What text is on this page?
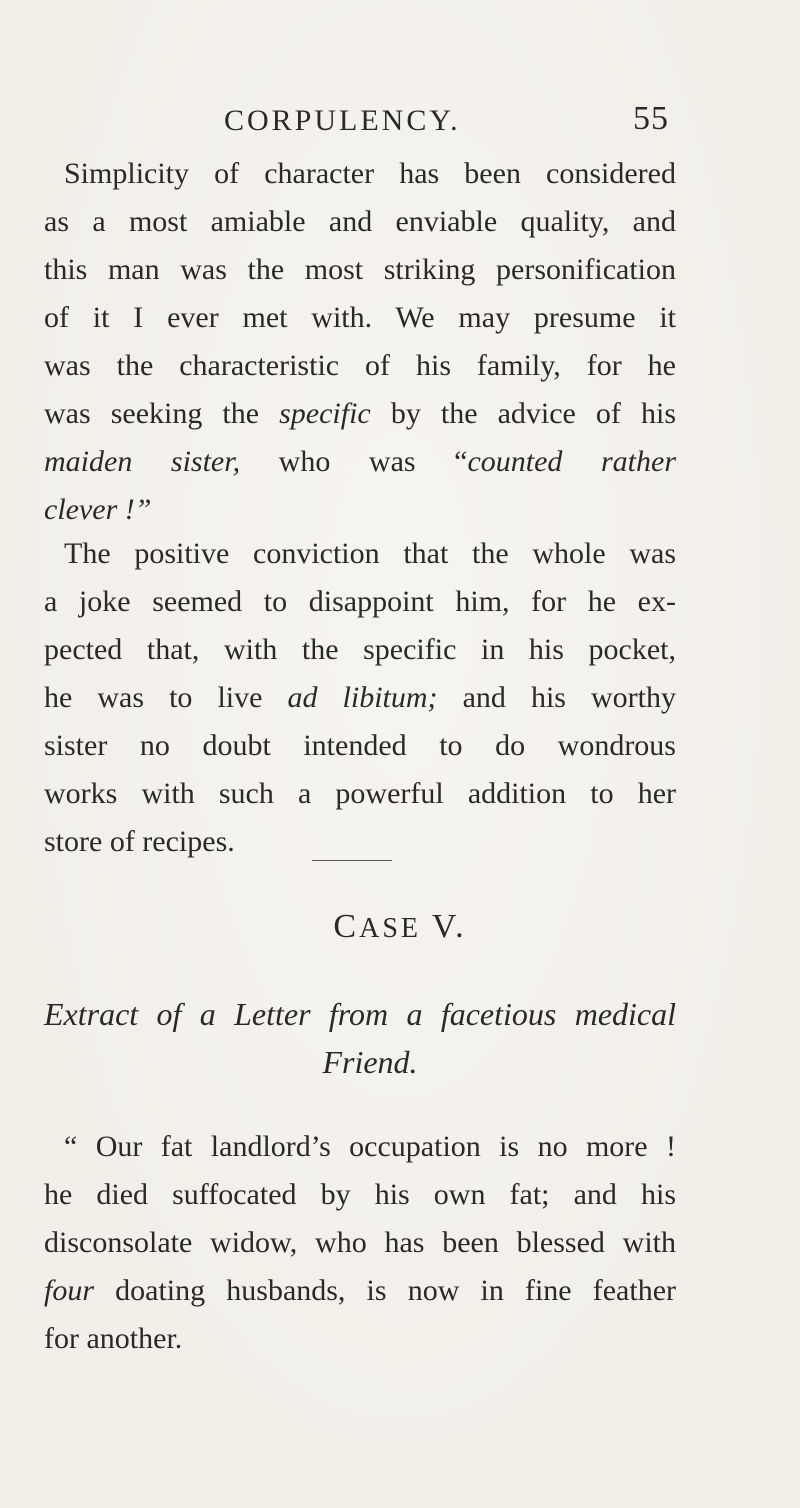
CORPULENCY.	55
Simplicity of character has been considered
as a most amiable and enviable quality, and
this man was the most striking personification
of it I ever met with. We may presume it
was the characteristic of his family, for he
was seeking the specific by the advice of his
maiden sister, who was “counted rather
clever !”
The positive conviction that the whole was
a joke seemed to disappoint him, for he ex-
pected that, with the specific in his pocket,
he was to live ad libitum; and his worthy
sister no doubt intended to do wondrous
works with such a powerful addition to her
store of recipes.
CASE V.
Extract of a Letter from a facetious medical
Friend.
“ Our fat landlord’s occupation is no more !
he died suffocated by his own fat; and his
disconsolate widow, who has been blessed with
four doating husbands, is now in fine feather
for another.
